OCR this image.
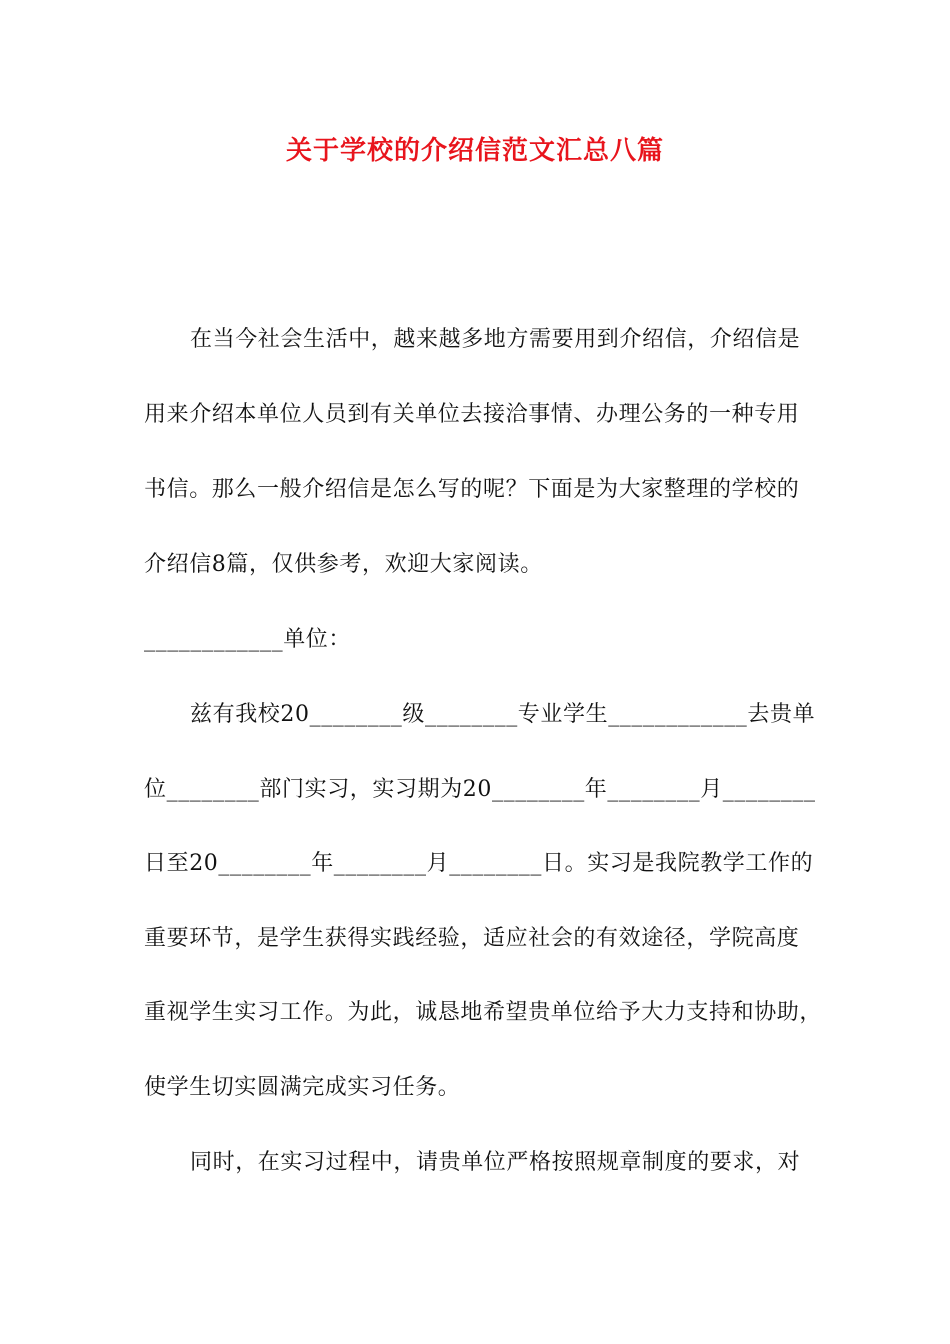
关于学校的介绍信范文汇总八篇
在当今社会生活中，越来越多地方需要用到介绍信，介绍信是
用来介绍本单位人员到有关单位去接洽事情、办理公务的一种专用
书信。那么一般介绍信是怎么写的呢？下面是为大家整理的学校的
介绍信8篇，仅供参考，欢迎大家阅读。
____________单位：
兹有我校20________级________专业学生____________去贵单
位________部门实习，实习期为20________年________月________
日至20________年________月________日。实习是我院教学工作的
重要环节，是学生获得实践经验，适应社会的有效途径，学院高度
重视学生实习工作。为此，诚恳地希望贵单位给予大力支持和协助，
使学生切实圆满完成实习任务。
同时，在实习过程中，请贵单位严格按照规章制度的要求，对
